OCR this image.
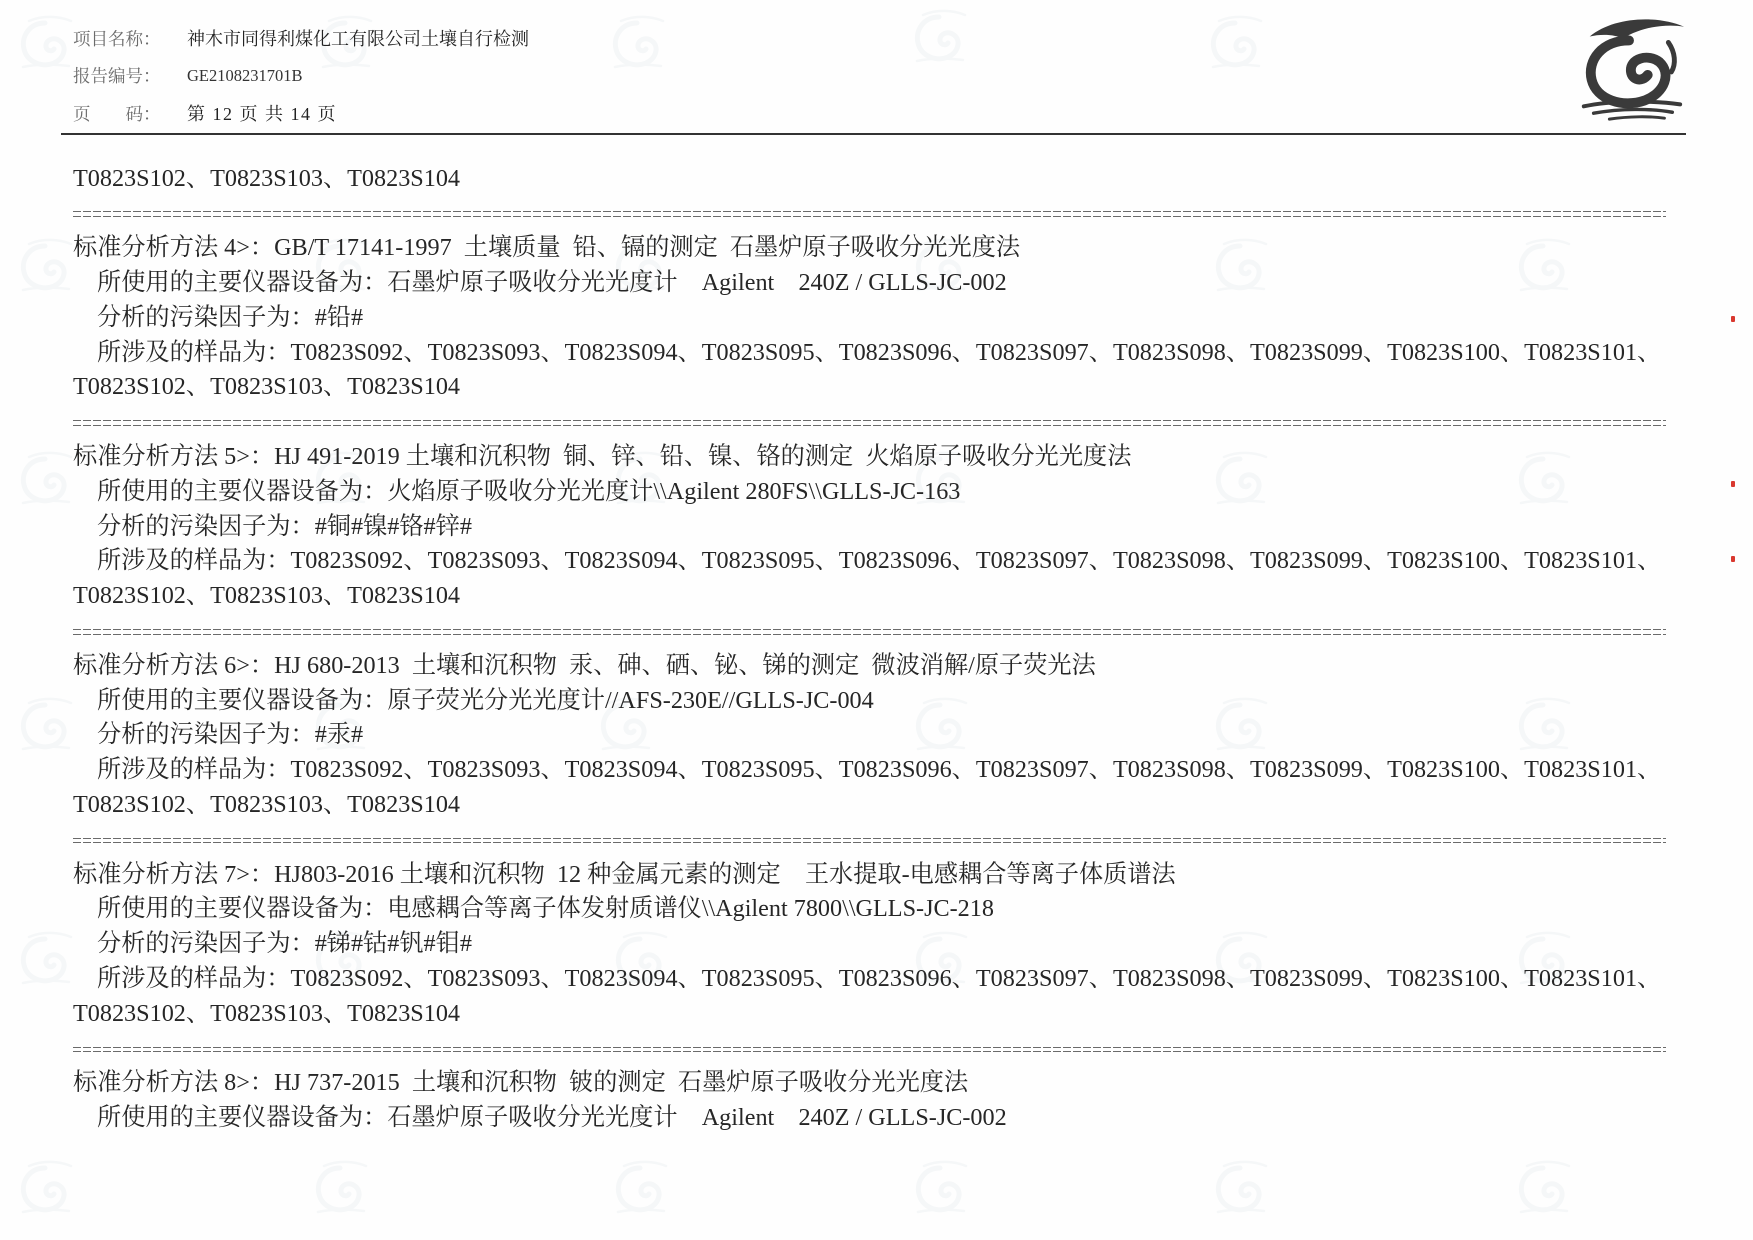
项目名称：

神木市同得利煤化工有限公司土壤自行检测

报告编号：

GE2108231701B

页　　码：

第 12 页 共 14 页

T0823S102、T0823S103、T0823S104
标准分析方法 4>：GB/T 17141-1997  土壤质量  铅、镉的测定  石墨炉原子吸收分光光度法
所使用的主要仪器设备为：石墨炉原子吸收分光光度计    Agilent    240Z / GLLS-JC-002
分析的污染因子为：#铅#
所涉及的样品为：T0823S092、T0823S093、T0823S094、T0823S095、T0823S096、T0823S097、T0823S098、T0823S099、T0823S100、T0823S101、
T0823S102、T0823S103、T0823S104
标准分析方法 5>：HJ 491-2019 土壤和沉积物  铜、锌、铅、镍、铬的测定  火焰原子吸收分光光度法
所使用的主要仪器设备为：火焰原子吸收分光光度计\\Agilent 280FS\\GLLS-JC-163
分析的污染因子为：#铜#镍#铬#锌#
所涉及的样品为：T0823S092、T0823S093、T0823S094、T0823S095、T0823S096、T0823S097、T0823S098、T0823S099、T0823S100、T0823S101、
T0823S102、T0823S103、T0823S104
标准分析方法 6>：HJ 680-2013  土壤和沉积物  汞、砷、硒、铋、锑的测定  微波消解/原子荧光法
所使用的主要仪器设备为：原子荧光分光光度计//AFS-230E//GLLS-JC-004
分析的污染因子为：#汞#
所涉及的样品为：T0823S092、T0823S093、T0823S094、T0823S095、T0823S096、T0823S097、T0823S098、T0823S099、T0823S100、T0823S101、
T0823S102、T0823S103、T0823S104
标准分析方法 7>：HJ803-2016 土壤和沉积物  12 种金属元素的测定    王水提取-电感耦合等离子体质谱法
所使用的主要仪器设备为：电感耦合等离子体发射质谱仪\\Agilent 7800\\GLLS-JC-218
分析的污染因子为：#锑#钴#钒#钼#
所涉及的样品为：T0823S092、T0823S093、T0823S094、T0823S095、T0823S096、T0823S097、T0823S098、T0823S099、T0823S100、T0823S101、
T0823S102、T0823S103、T0823S104
标准分析方法 8>：HJ 737-2015  土壤和沉积物  铍的测定  石墨炉原子吸收分光光度法
所使用的主要仪器设备为：石墨炉原子吸收分光光度计    Agilent    240Z / GLLS-JC-002
